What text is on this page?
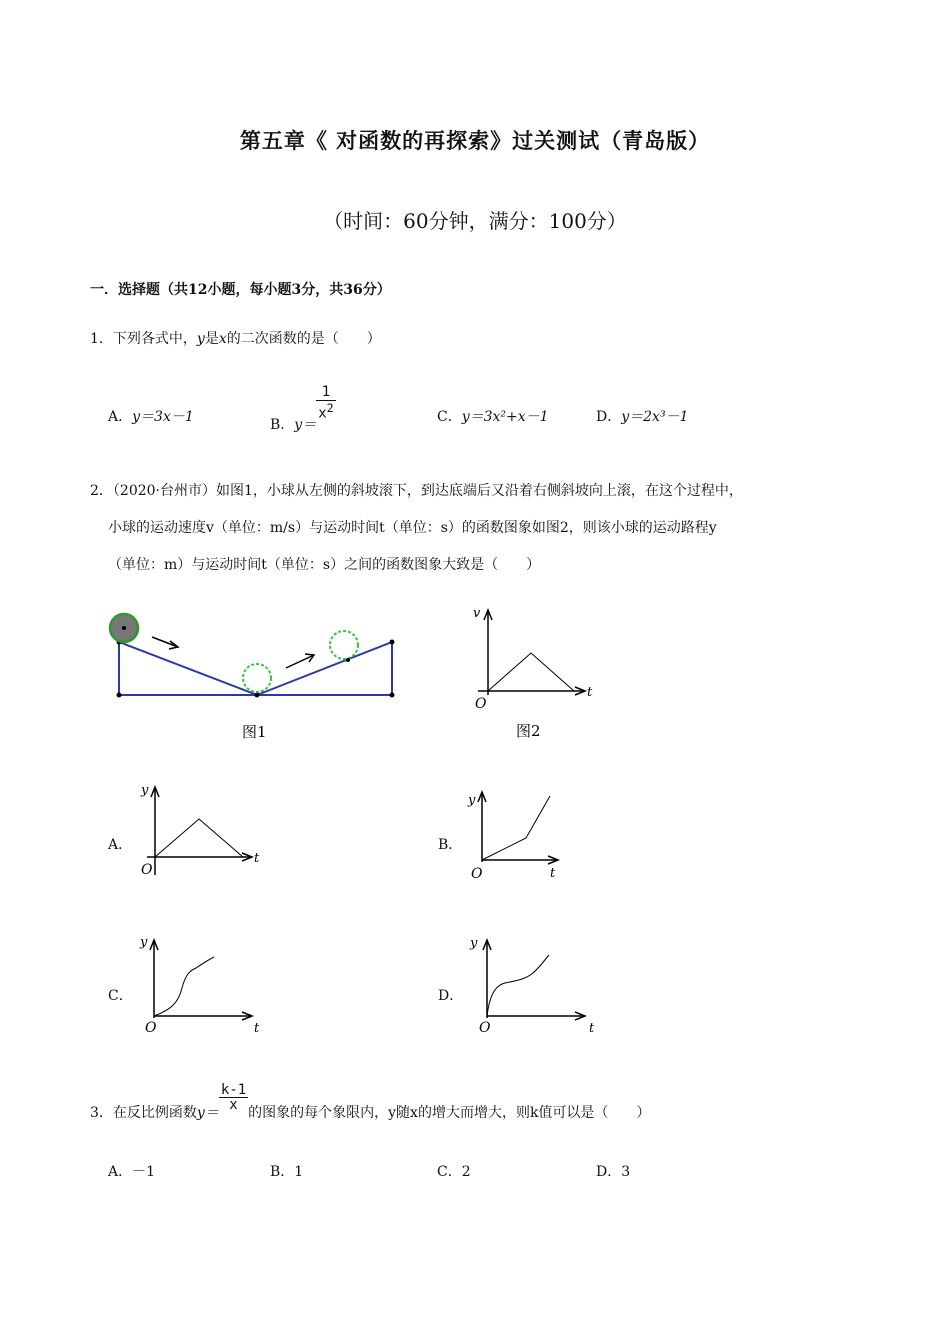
第五章《 对函数的再探索》过关测试（青岛版）
（时间：60分钟，满分：100分）
一．选择题（共12小题，每小题3分，共36分）
1．下列各式中，y是x的二次函数的是（　　）
A．y＝3x－1	B．y＝
$\frac{1}{x^2}$	C．y＝3x²+x－1	D．y＝2x³－1
2．（2020·台州市）如图1，小球从左侧的斜坡滚下，到达底端后又沿着右侧斜坡向上滚，在这个过程中，
小球的运动速度v（单位：m/s）与运动时间t（单位：s）的函数图象如图2，则该小球的运动路程y
（单位：m）与运动时间t（单位：s）之间的函数图象大致是（　　）
图1
v
t
O
图2
A．
y
t
O
B．
y
t
O
C．
y
t
O
D．
y
t
O
3．在反比例函数y＝
$\frac{k-1}{x}$
的图象的每个象限内，y随x的增大而增大，则k值可以是（　　）
A．－1	B．1	C．2	D．3
